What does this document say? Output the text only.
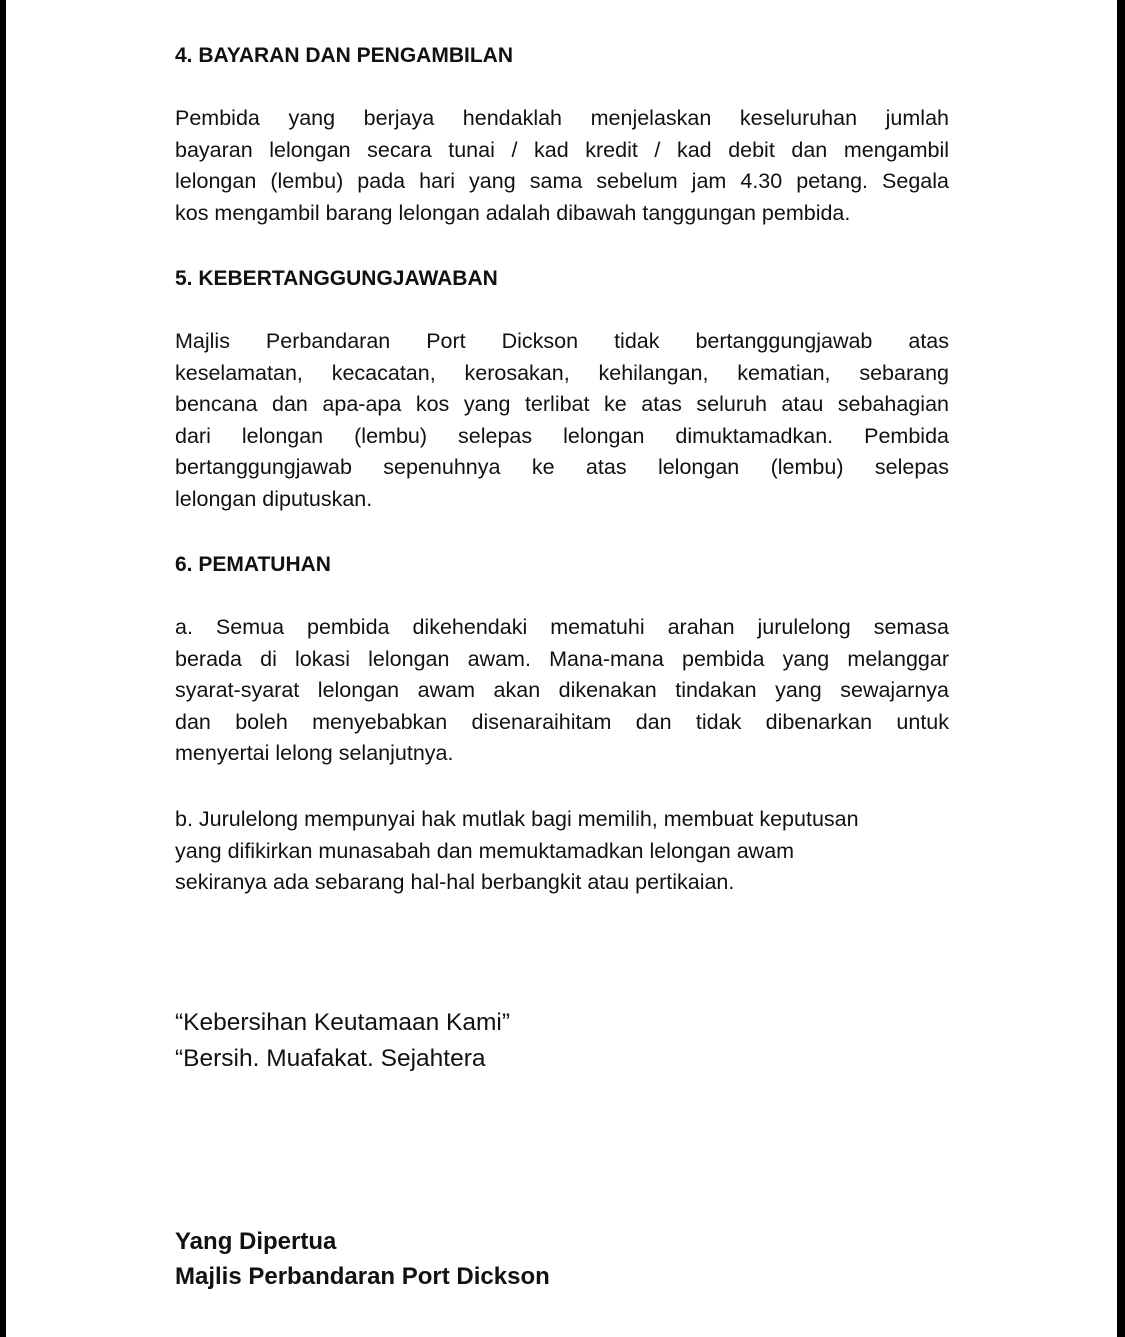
4. BAYARAN DAN PENGAMBILAN
Pembida yang berjaya hendaklah menjelaskan keseluruhan jumlah
bayaran lelongan secara tunai / kad kredit / kad debit dan mengambil
lelongan (lembu) pada hari yang sama sebelum jam 4.30 petang. Segala
kos mengambil barang lelongan adalah dibawah tanggungan pembida.
5. KEBERTANGGUNGJAWABAN
Majlis Perbandaran Port Dickson tidak bertanggungjawab atas
keselamatan, kecacatan, kerosakan, kehilangan, kematian, sebarang
bencana dan apa-apa kos yang terlibat ke atas seluruh atau sebahagian
dari lelongan (lembu) selepas lelongan dimuktamadkan. Pembida
bertanggungjawab sepenuhnya ke atas lelongan (lembu) selepas
lelongan diputuskan.
6. PEMATUHAN
a. Semua pembida dikehendaki mematuhi arahan jurulelong semasa
berada di lokasi lelongan awam. Mana-mana pembida yang melanggar
syarat-syarat lelongan awam akan dikenakan tindakan yang sewajarnya
dan boleh menyebabkan disenaraihitam dan tidak dibenarkan untuk
menyertai lelong selanjutnya.
b. Jurulelong mempunyai hak mutlak bagi memilih, membuat keputusan
yang difikirkan munasabah dan memuktamadkan lelongan awam
sekiranya ada sebarang hal-hal berbangkit atau pertikaian.
“Kebersihan Keutamaan Kami”
“Bersih. Muafakat. Sejahtera
Yang Dipertua
Majlis Perbandaran Port Dickson
